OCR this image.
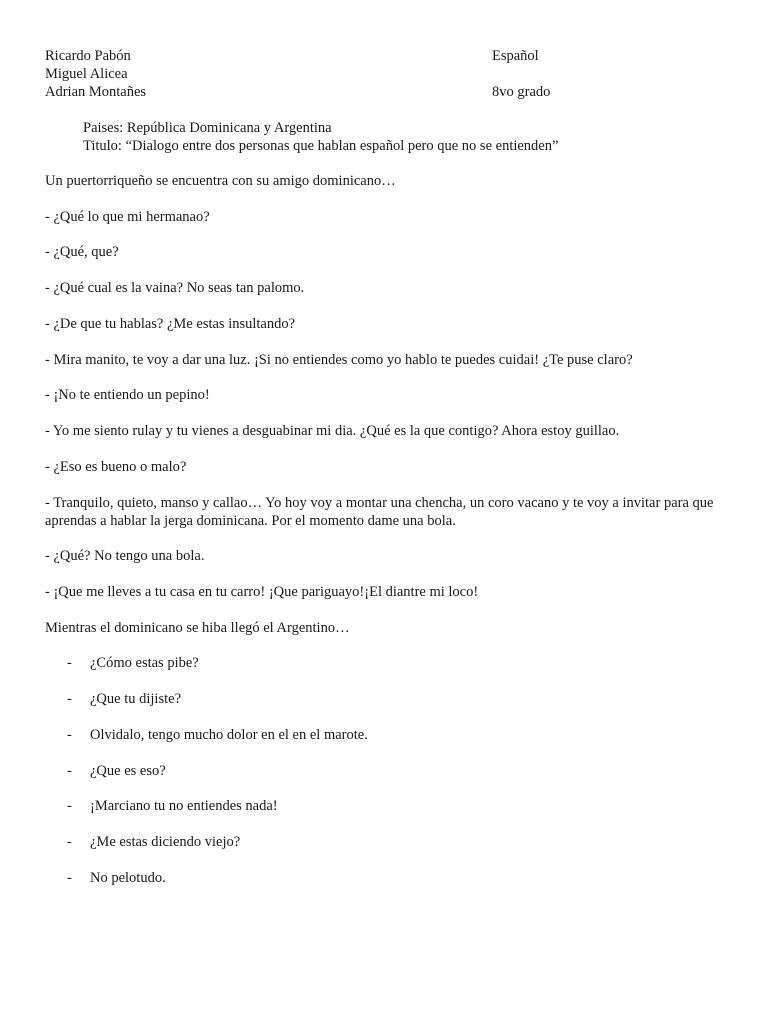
Ricardo Pabón	Español
Miguel Alicea
Adrian Montañes	8vo grado
Paises: República Dominicana y Argentina
Titulo: “Dialogo entre dos personas que hablan español pero que no se entienden”
Un puertorriqueño se encuentra con su amigo dominicano…
- ¿Qué lo que mi hermanao?
- ¿Qué, que?
- ¿Qué cual es la vaina? No seas tan palomo.
- ¿De que tu hablas? ¿Me estas insultando?
- Mira manito, te voy a dar una luz. ¡Si no entiendes como yo hablo te puedes cuidai! ¿Te puse claro?
- ¡No te entiendo un pepino!
- Yo me siento rulay y tu vienes a desguabinar mi dia. ¿Qué es la que contigo? Ahora estoy guillao.
- ¿Eso es bueno o malo?
- Tranquilo, quieto, manso y callao… Yo hoy voy a montar una chencha, un coro vacano y te voy a invitar para que aprendas a hablar la jerga dominicana. Por el momento dame una bola.
- ¿Qué? No tengo una bola.
- ¡Que me lleves a tu casa en tu carro! ¡Que pariguayo!¡El diantre mi loco!
Mientras el dominicano se hiba llegó el Argentino…
- ¿Cómo estas pibe?
- ¿Que tu dijiste?
- Olvidalo, tengo mucho dolor en el en el marote.
- ¿Que es eso?
- ¡Marciano tu no entiendes nada!
- ¿Me estas diciendo viejo?
- No pelotudo.
